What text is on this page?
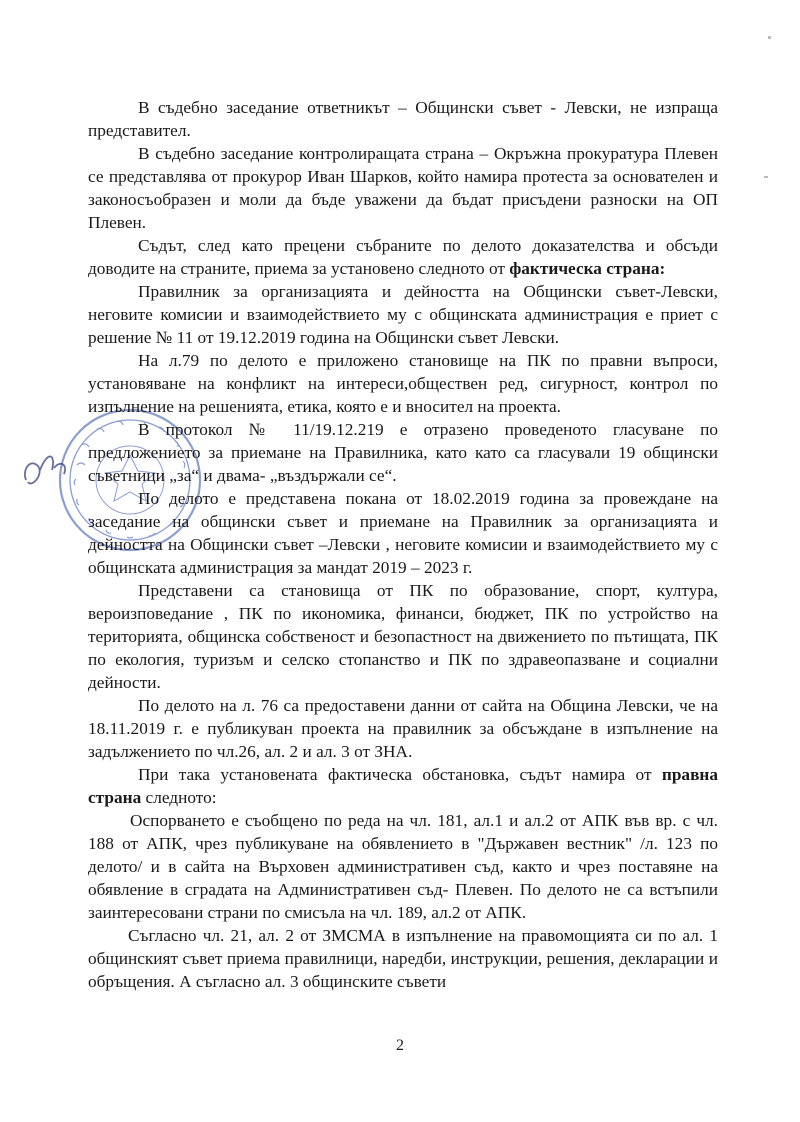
В съдебно заседание ответникът – Общински съвет - Левски, не изпраща представител.

В съдебно заседание контролиращата страна – Окръжна прокуратура Плевен се представлява от прокурор Иван Шарков, който намира протеста за основателен и законосъобразен и моли да бъде уважени да бъдат присъдени разноски на ОП Плевен.

Съдът, след като прецени събраните по делото доказателства и обсъди доводите на страните, приема за установено следното от фактическа страна:

Правилник за организацията и дейността на Общински съвет-Левски, неговите комисии и взаимодействието му с общинската администрация е приет с решение № 11 от 19.12.2019 година на Общински съвет Левски.

На л.79 по делото е приложено становище на ПК по правни въпроси, установяване на конфликт на интереси,обществен ред, сигурност, контрол по изпълнение на решенията, етика, която е и вносител на проекта.

В протокол № 11/19.12.219 е отразено проведеното гласуване по предложението за приемане на Правилника, като като са гласували 19 общински съветници „за“ и двама- „въздържали се“.

По делото е представена покана от 18.02.2019 година за провеждане на заседание на общински съвет и приемане на Правилник за организацията и дейността на Общински съвет –Левски , неговите комисии и взаимодействието му с общинската администрация за мандат 2019 – 2023 г.

Представени са становища от ПК по образование, спорт, култура, вероизповедание , ПК по икономика, финанси, бюджет, ПК по устройство на територията, общинска собственост и безопастност на движението по пътищата, ПК по екология, туризъм и селско стопанство и ПК по здравеопазване и социални дейности.

По делото на л. 76 са предоставени данни от сайта на Община Левски, че на 18.11.2019 г. е публикуван проекта на правилник за обсъждане в изпълнение на задължението по чл.26, ал. 2 и ал. 3 от ЗНА.

При така установената фактическа обстановка, съдът намира от правна страна следното:

Оспорването е съобщено по реда на чл. 181, ал.1 и ал.2 от АПК във вр. с чл. 188 от АПК, чрез публикуване на обявлението в "Държавен вестник" /л. 123 по делото/ и в сайта на Върховен административен съд, както и чрез поставяне на обявление в сградата на Административен съд- Плевен. По делото не са встъпили заинтересовани страни по смисъла на чл. 189, ал.2 от АПК.

Съгласно чл. 21, ал. 2 от ЗМСМА в изпълнение на правомощията си по ал. 1 общинският съвет приема правилници, наредби, инструкции, решения, декларации и обръщения. А съгласно ал. 3 общинските съвети

2
